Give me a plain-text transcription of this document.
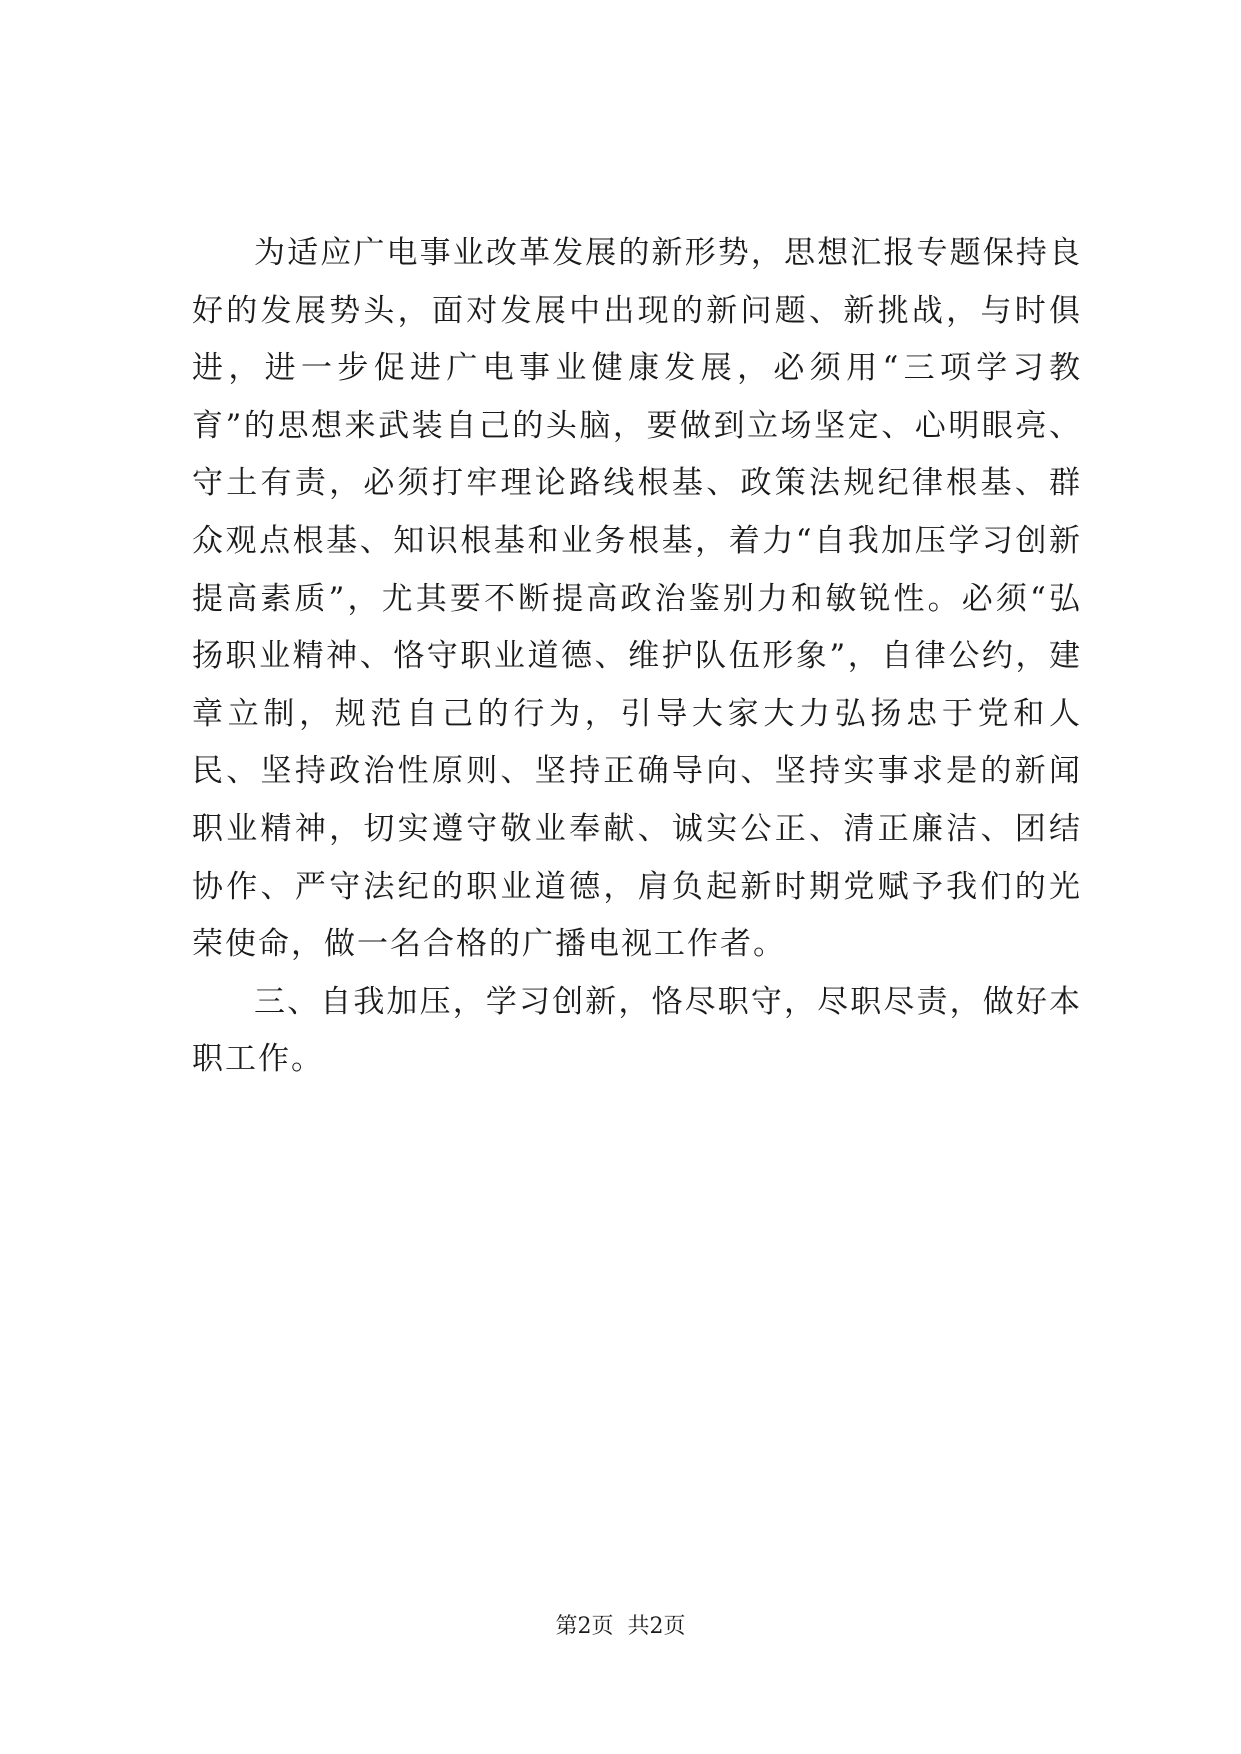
为适应广电事业改革发展的新形势，思想汇报专题保持良好的发展势头，面对发展中出现的新问题、新挑战，与时俱进，进一步促进广电事业健康发展，必须用“三项学习教育”的思想来武装自己的头脑，要做到立场坚定、心明眼亮、守土有责，必须打牢理论路线根基、政策法规纪律根基、群众观点根基、知识根基和业务根基，着力“自我加压学习创新提高素质”，尤其要不断提高政治鉴别力和敏锐性。必须“弘扬职业精神、恪守职业道德、维护队伍形象”，自律公约，建章立制，规范自己的行为，引导大家大力弘扬忠于党和人民、坚持政治性原则、坚持正确导向、坚持实事求是的新闻职业精神，切实遵守敬业奉献、诚实公正、清正廉洁、团结协作、严守法纪的职业道德，肩负起新时期党赋予我们的光荣使命，做一名合格的广播电视工作者。

三、自我加压，学习创新，恪尽职守，尽职尽责，做好本职工作。

第2页 共2页
